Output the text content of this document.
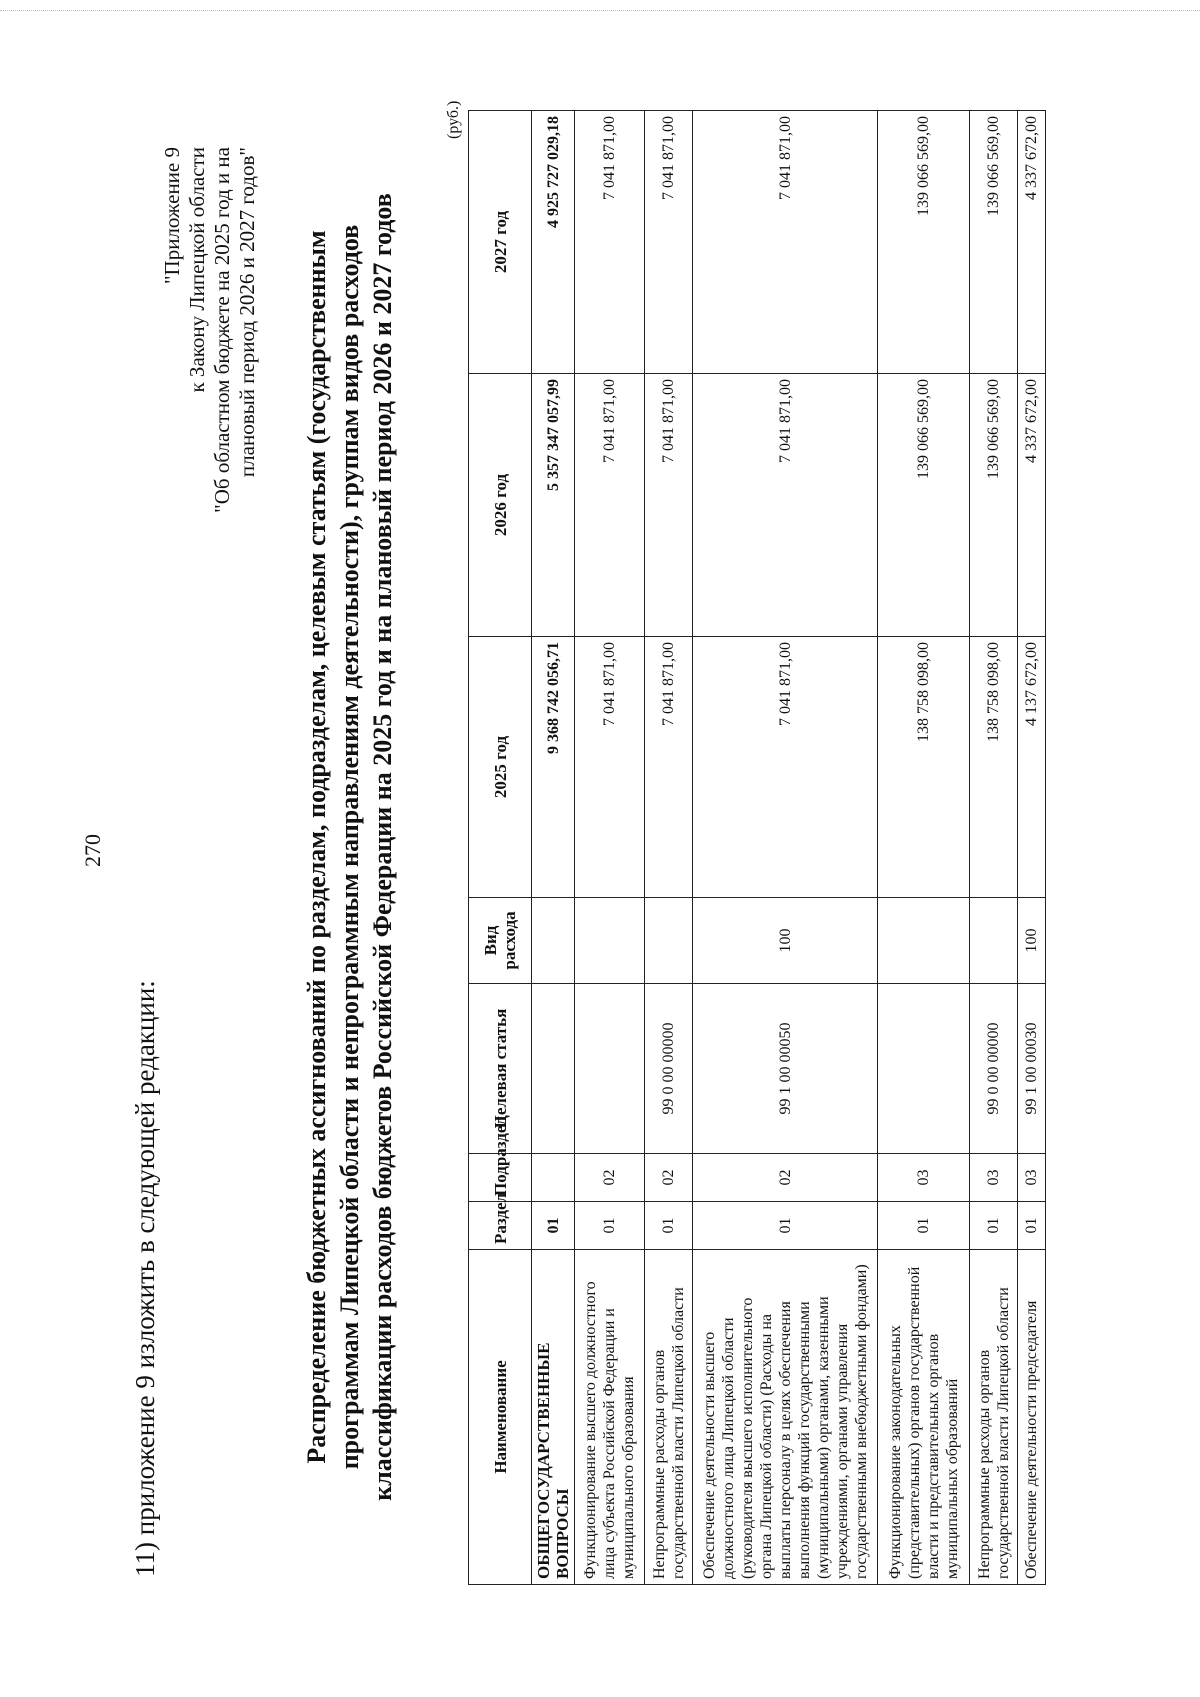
270
11) приложение 9 изложить в следующей редакции:
"Приложение 9 к Закону Липецкой области "Об областном бюджете на 2025 год и на плановый период 2026 и 2027 годов" Распределение бюджетных ассигнований по разделам, подразделам, целевым статьям (государственным программам Липецкой области и непрограммным направлениям деятельности), группам видов расходов классификации расходов бюджетов Российской Федерации на 2025 год и на плановый период 2026 и 2027 годов
(руб.)
Наименование	Раздел	Подраздел	Целевая статья	Вид расхода	2025 год	2026 год	2027 год
ОБЩЕГОСУДАРСТВЕННЫЕ ВОПРОСЫ	01				9 368 742 056,71	5 357 347 057,99	4 925 727 029,18
Функционирование высшего должностного лица субъекта Российской Федерации и муниципального образования	01	02			7 041 871,00	7 041 871,00	7 041 871,00
Непрограммные расходы органов государственной власти Липецкой области	01	02	99 0 00 00000		7 041 871,00	7 041 871,00	7 041 871,00
Обеспечение деятельности высшего должностного лица Липецкой области (руководителя высшего исполнительного органа Липецкой области) (Расходы на выплаты персоналу в целях обеспечения выполнения функций государственными (муниципальными) органами, казенными учреждениями, органами управления государственными внебюджетными фондами)	01	02	99 1 00 00050	100	7 041 871,00	7 041 871,00	7 041 871,00
Функционирование законодательных (представительных) органов государственной власти и представительных органов муниципальных образований	01	03			138 758 098,00	139 066 569,00	139 066 569,00
Непрограммные расходы органов государственной власти Липецкой области	01	03	99 0 00 00000		138 758 098,00	139 066 569,00	139 066 569,00
Обеспечение деятельности председателя	01	03	99 1 00 00030	100	4 137 672,00	4 337 672,00	4 337 672,00
